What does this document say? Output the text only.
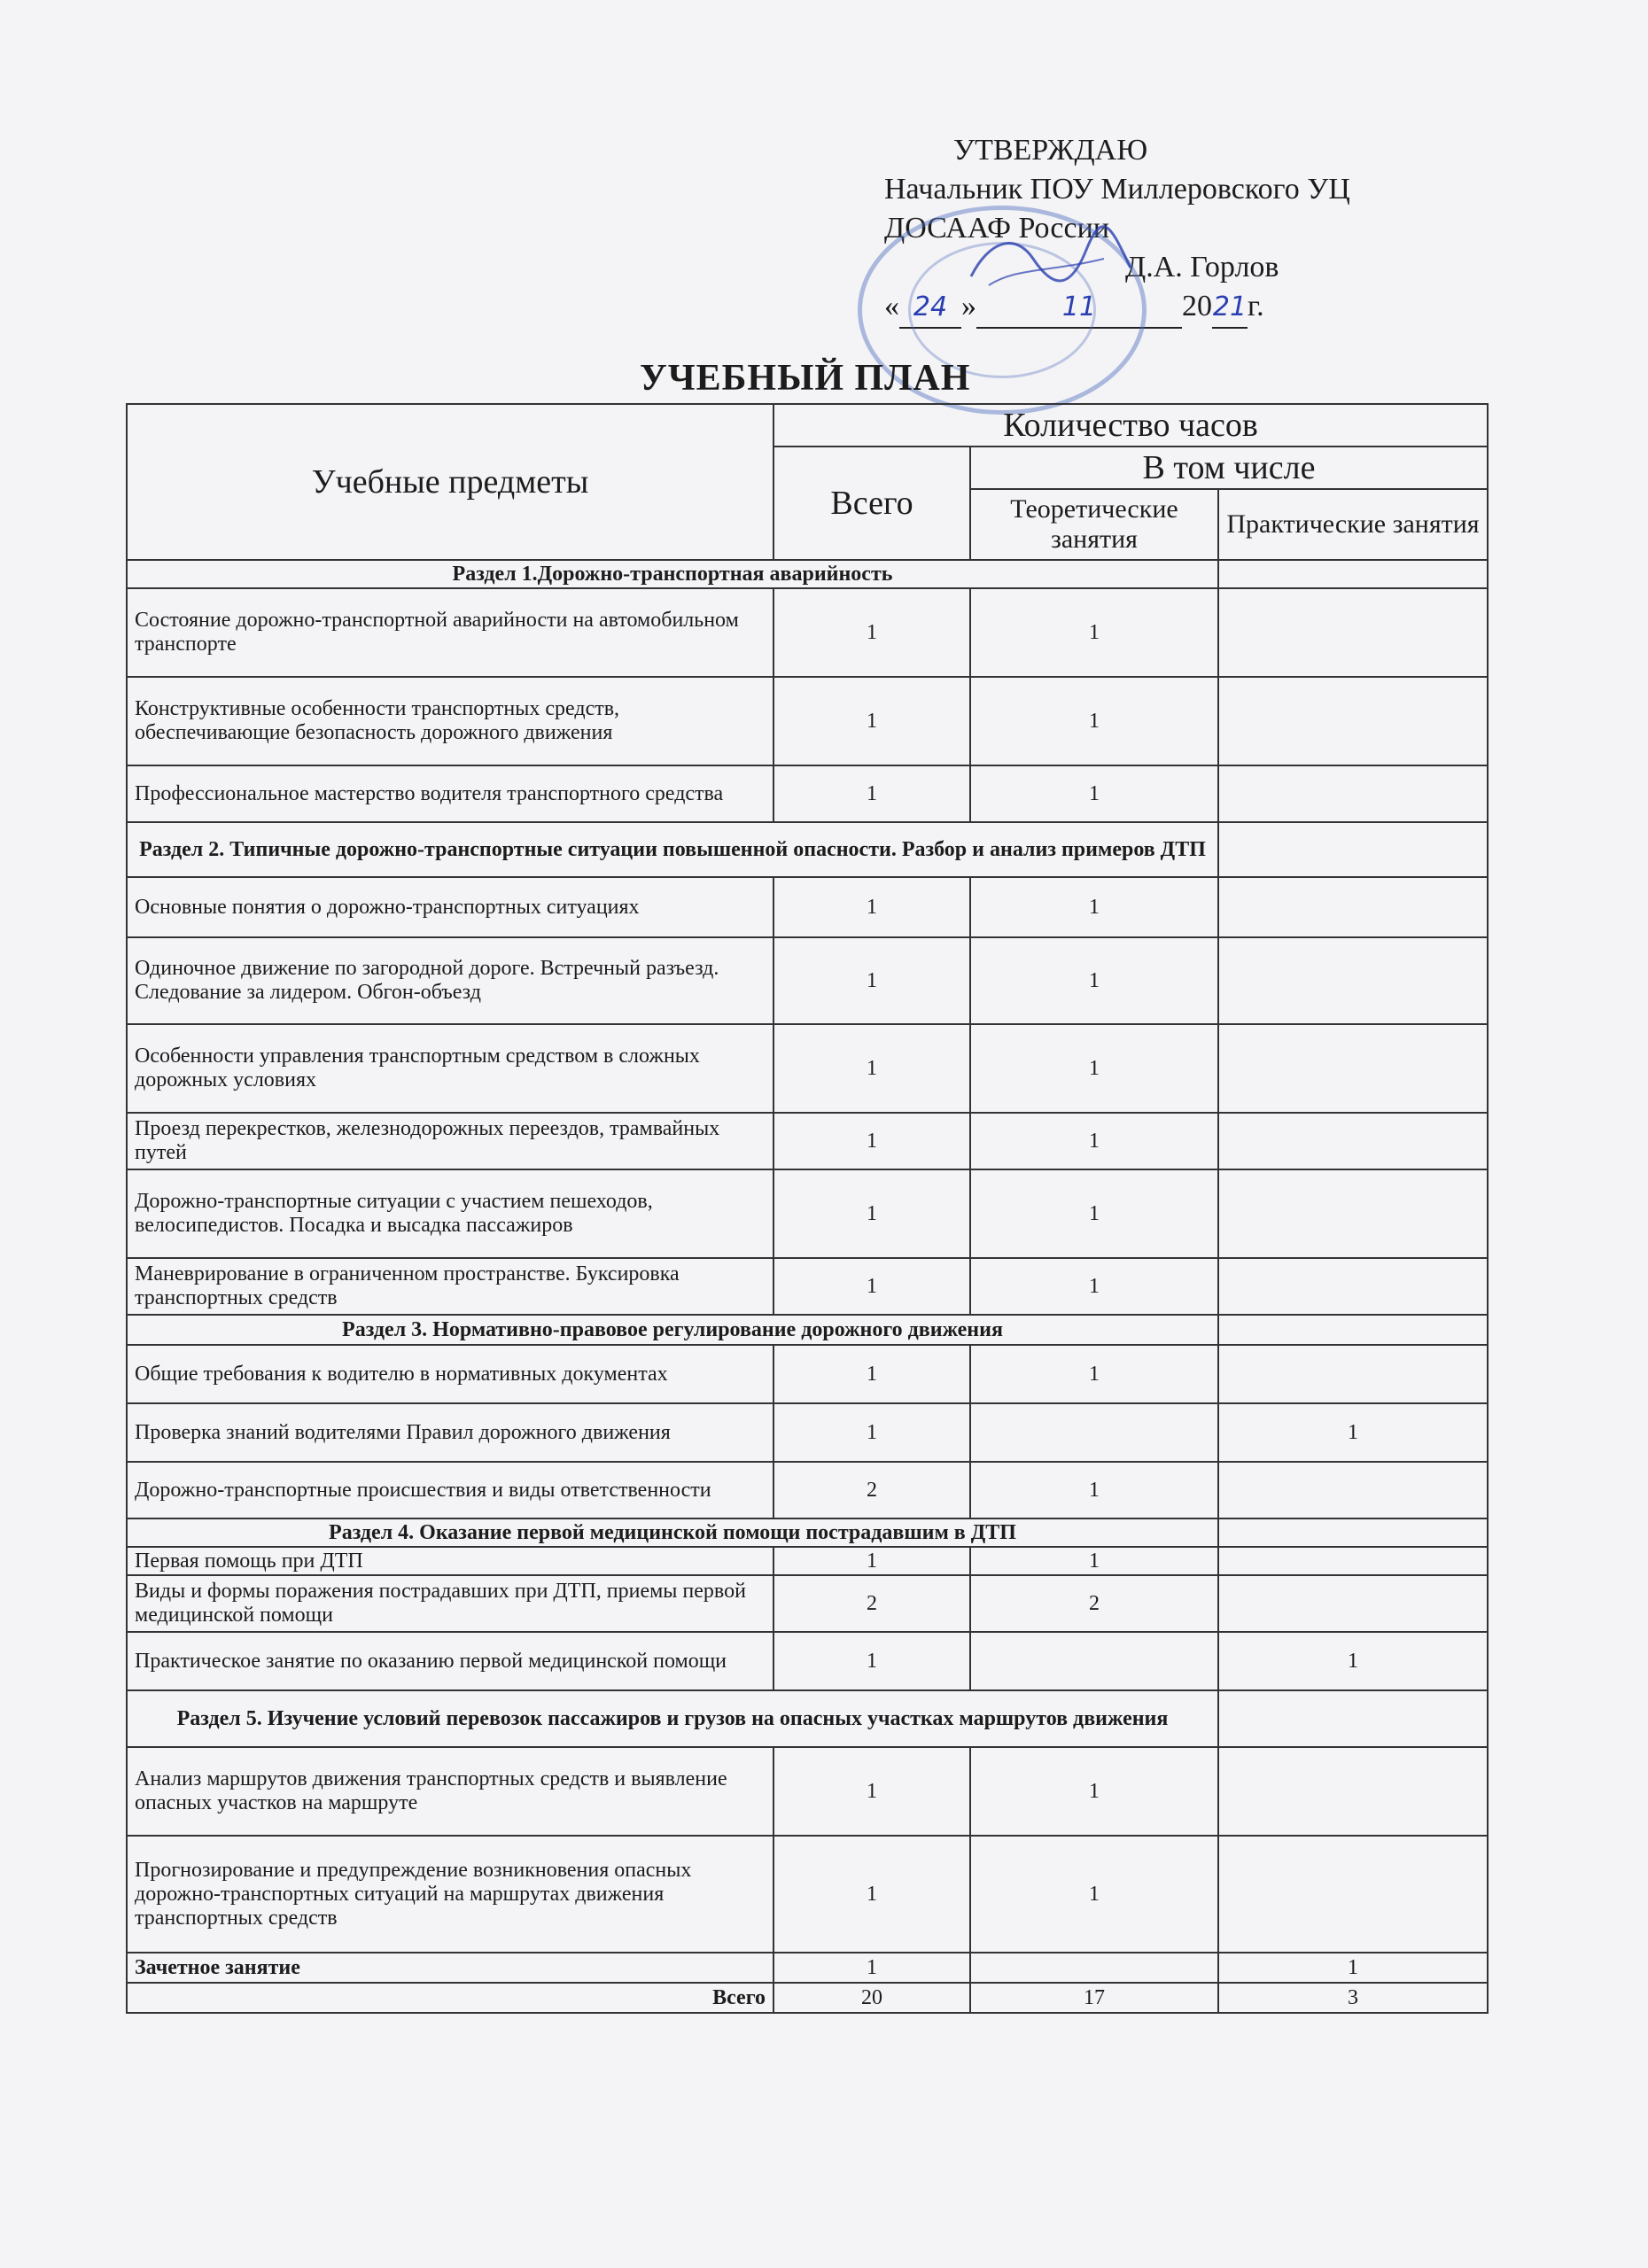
УТВЕРЖДАЮ
Начальник ПОУ Миллеровского УЦ
ДОСААФ России
Д.А. Горлов
« 24 »	11	2021г.
УЧЕБНЫЙ ПЛАН
Учебные предметы	Количество часов		
	Всего	В том числе	
		Теоретические занятия	Практические занятия
Раздел 1.Дорожно-транспортная аварийность			
Состояние дорожно-транспортной аварийности на автомобильном транспорте	1	1	
Конструктивные особенности транспортных средств, обеспечивающие безопасность дорожного движения	1	1	
Профессиональное мастерство водителя транспортного средства	1	1	
Раздел 2. Типичные дорожно-транспортные ситуации повышенной опасности. Разбор и анализ примеров ДТП			
Основные понятия о дорожно-транспортных ситуациях	1	1	
Одиночное движение по загородной дороге. Встречный разъезд. Следование за лидером. Обгон-объезд	1	1	
Особенности управления транспортным средством в сложных дорожных условиях	1	1	
Проезд перекрестков, железнодорожных переездов, трамвайных путей	1	1	
Дорожно-транспортные ситуации с участием пешеходов, велосипедистов. Посадка и высадка пассажиров	1	1	
Маневрирование в ограниченном пространстве. Буксировка транспортных средств	1	1	
Раздел 3. Нормативно-правовое регулирование дорожного движения			
Общие требования к водителю в нормативных документах	1	1	
Проверка знаний водителями Правил дорожного движения	1		1
Дорожно-транспортные происшествия и виды ответственности	2	1	
Раздел 4. Оказание первой медицинской помощи пострадавшим в ДТП			
Первая помощь при ДТП	1	1	
Виды и формы поражения пострадавших при ДТП, приемы первой медицинской помощи	2	2	
Практическое занятие по оказанию первой медицинской помощи	1		1
Раздел 5. Изучение условий перевозок пассажиров и грузов на опасных участках маршрутов движения			
Анализ маршрутов движения транспортных средств и выявление опасных участков на маршруте	1	1	
Прогнозирование и предупреждение возникновения опасных дорожно-транспортных ситуаций на маршрутах движения транспортных средств	1	1	
Зачетное занятие	1		1
Всего	20	17	3
